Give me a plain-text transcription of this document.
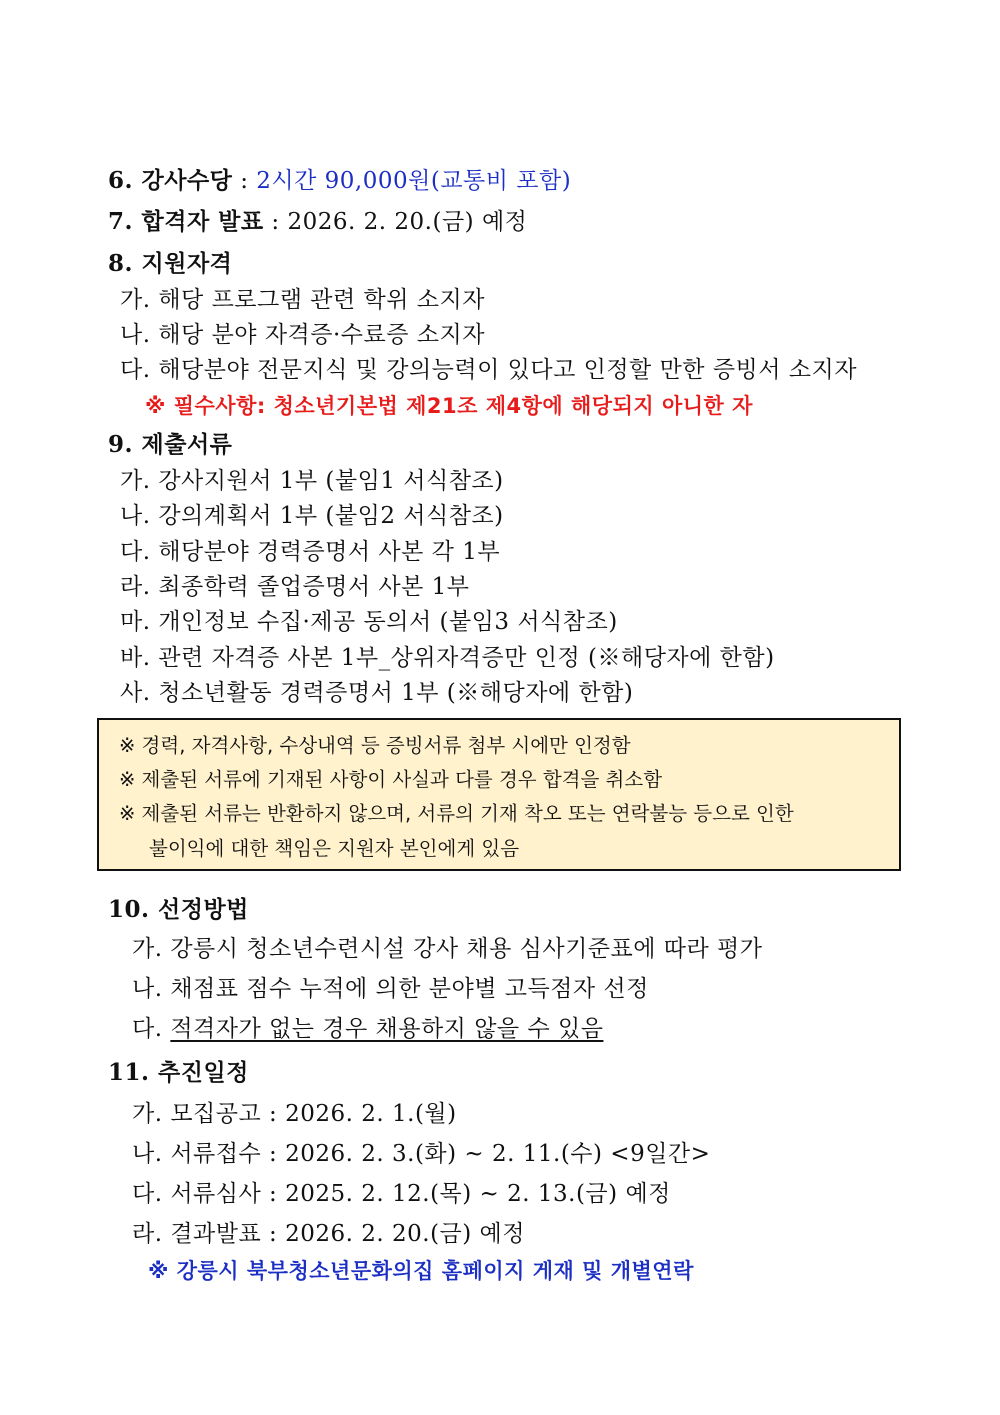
6. 강사수당 : 2시간 90,000원(교통비 포함)
7. 합격자 발표 : 2026. 2. 20.(금) 예정
8. 지원자격
가. 해당 프로그램 관련 학위 소지자
나. 해당 분야 자격증·수료증 소지자
다. 해당분야 전문지식 및 강의능력이 있다고 인정할 만한 증빙서 소지자
※ 필수사항: 청소년기본법 제21조 제4항에 해당되지 아니한 자
9. 제출서류
가. 강사지원서 1부 (붙임1 서식참조)
나. 강의계획서 1부 (붙임2 서식참조)
다. 해당분야 경력증명서 사본 각 1부
라. 최종학력 졸업증명서 사본 1부
마. 개인정보 수집·제공 동의서 (붙임3 서식참조)
바. 관련 자격증 사본 1부_상위자격증만 인정 (※해당자에 한함)
사. 청소년활동 경력증명서 1부 (※해당자에 한함)
※ 경력, 자격사항, 수상내역 등 증빙서류 첨부 시에만 인정함
※ 제출된 서류에 기재된 사항이 사실과 다를 경우 합격을 취소함
※ 제출된 서류는 반환하지 않으며, 서류의 기재 착오 또는 연락불능 등으로 인한
불이익에 대한 책임은 지원자 본인에게 있음
10. 선정방법
가. 강릉시 청소년수련시설 강사 채용 심사기준표에 따라 평가
나. 채점표 점수 누적에 의한 분야별 고득점자 선정
다. 적격자가 없는 경우 채용하지 않을 수 있음
11. 추진일정
가. 모집공고 : 2026. 2. 1.(월)
나. 서류접수 : 2026. 2. 3.(화) ~ 2. 11.(수) <9일간>
다. 서류심사 : 2025. 2. 12.(목) ~ 2. 13.(금) 예정
라. 결과발표 : 2026. 2. 20.(금) 예정
※ 강릉시 북부청소년문화의집 홈페이지 게재 및 개별연락
